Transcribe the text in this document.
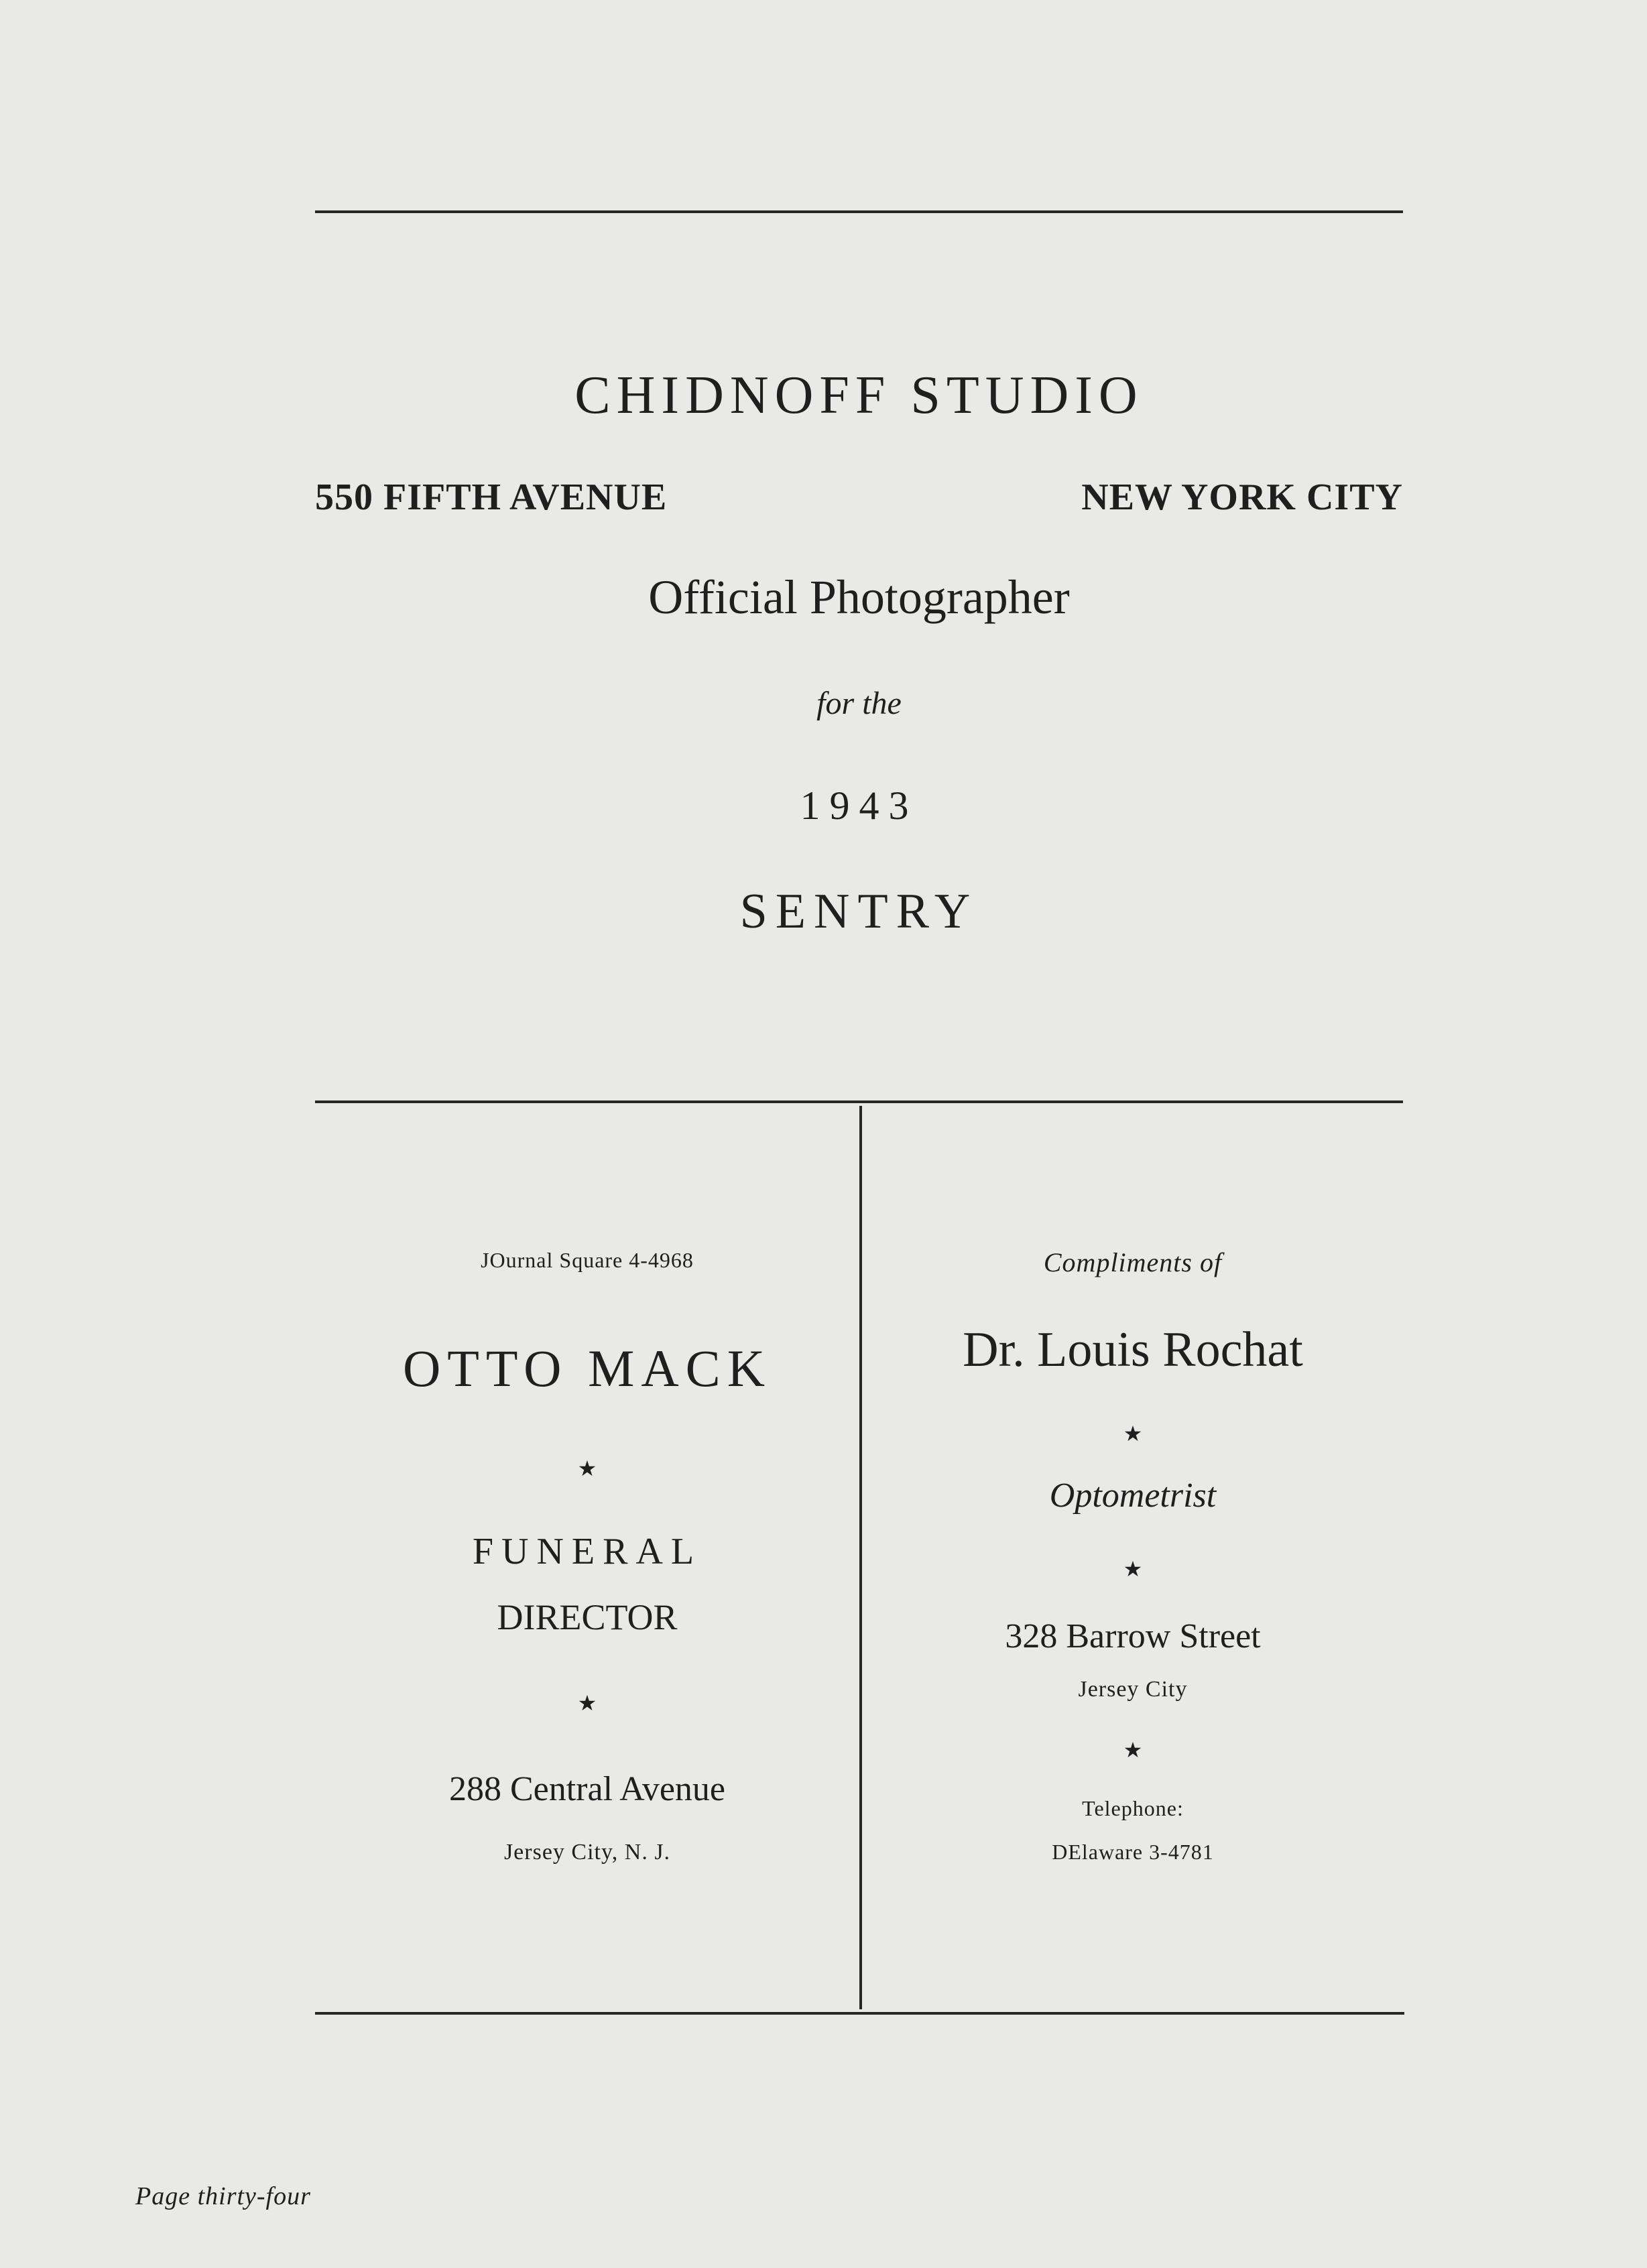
CHIDNOFF STUDIO
550 FIFTH AVENUE	NEW YORK CITY
Official Photographer
for the
1943
SENTRY
JOurnal Square 4-4968
OTTO MACK
★
FUNERAL
DIRECTOR
★
288 Central Avenue
Jersey City, N. J.
Compliments of
Dr. Louis Rochat
★
Optometrist
★
328 Barrow Street
Jersey City
★
Telephone:
DElaware 3-4781
Page thirty-four
